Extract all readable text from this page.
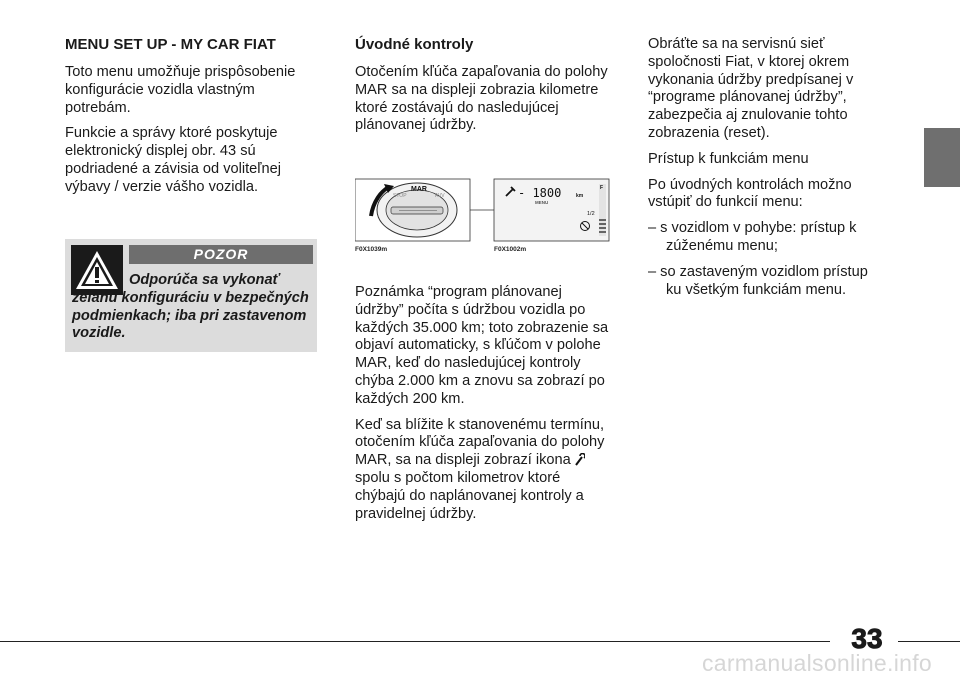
MENU SET UP - MY CAR FIAT

Toto menu umožňuje prispôsobenie konfigurácie vozidla vlastným potrebám.

Funkcie a správy ktoré poskytuje elektronický displej obr. 43 sú podriadené a závisia od voliteľnej výbavy / verzie vášho vozidla.

POZOR
Odporúča sa vykonať želanú konfiguráciu v bezpečných podmienkach; iba pri zastavenom vozidle.
Úvodné kontroly

Otočením kľúča zapaľovania do polohy MAR sa na displeji zobrazia kilometre ktoré zostávajú do nasledujúcej plánovanej údržby.

MAR
STOP	AVV	- 1800	km
MENU
F
1/2
F0X1039m	F0X1002m

Poznámka “program plánovanej údržby” počíta s údržbou vozidla po každých 35.000 km; toto zobrazenie sa objaví automaticky, s kľúčom v polohe MAR, keď do nasledujúcej kontroly chýba 2.000 km a znovu sa zobrazí po každých 200 km.

Keď sa blížite k stanovenému termínu, otočením kľúča zapaľovania do polohy MAR, sa na displeji zobrazí ikona  spolu s počtom kilometrov ktoré chýbajú do naplánovanej kontroly a pravidelnej údržby.

Obráťte sa na servisnú sieť spoločnosti Fiat, v ktorej okrem vykonania údržby predpísanej v “programe plánovanej údržby”, zabezpečia aj znulovanie tohto zobrazenia (reset).

Prístup k funkciám menu

Po úvodných kontrolách možno vstúpiť do funkcií menu:

– s vozidlom v pohybe: prístup k zúženému menu;

– so zastaveným vozidlom prístup ku všetkým funkciám menu.

33
carmanualsonline.info
